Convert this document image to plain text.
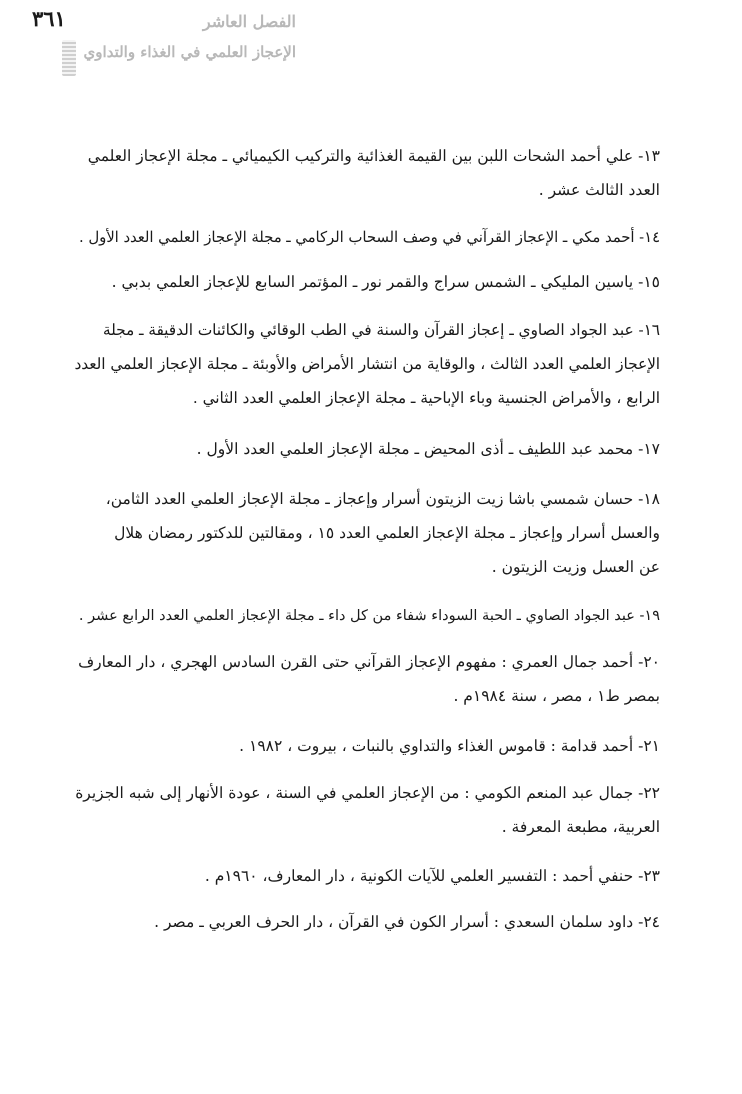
٣٦١	الفصل العاشر
الإعجاز العلمي في الغذاء والتداوي

١٣- علي أحمد الشحات اللبن بين القيمة الغذائية والتركيب الكيميائي ـ مجلة الإعجاز العلمي
العدد الثالث عشر .

١٤- أحمد مكي ـ الإعجاز القرآني في وصف السحاب الركامي ـ مجلة الإعجاز العلمي العدد الأول .

١٥- ياسين المليكي ـ الشمس سراج والقمر نور ـ المؤتمر السابع للإعجاز العلمي بدبي .

١٦- عبد الجواد الصاوي ـ إعجاز القرآن والسنة في الطب الوقائي والكائنات الدقيقة ـ مجلة
الإعجاز العلمي العدد الثالث ، والوقاية من انتشار الأمراض والأوبئة ـ مجلة الإعجاز العلمي العدد
الرابع ، والأمراض الجنسية وباء الإباحية ـ مجلة الإعجاز العلمي العدد الثاني .

١٧- محمد عبد اللطيف ـ أذى المحيض ـ مجلة الإعجاز العلمي العدد الأول .

١٨- حسان شمسي باشا زيت الزيتون أسرار وإعجاز ـ مجلة الإعجاز العلمي العدد الثامن،
والعسل أسرار وإعجاز ـ مجلة الإعجاز العلمي العدد ١٥ ، ومقالتين للدكتور رمضان هلال
عن العسل وزيت الزيتون .

١٩- عبد الجواد الصاوي ـ الحبة السوداء شفاء من كل داء ـ مجلة الإعجاز العلمي العدد الرابع عشر .

٢٠- أحمد جمال العمري : مفهوم الإعجاز القرآني حتى القرن السادس الهجري ، دار المعارف
بمصر ط١ ، مصر ، سنة ١٩٨٤م .

٢١- أحمد قدامة : قاموس الغذاء والتداوي بالنبات ، بيروت ، ١٩٨٢ .

٢٢- جمال عبد المنعم الكومي : من الإعجاز العلمي في السنة ، عودة الأنهار إلى شبه الجزيرة
العربية، مطبعة المعرفة .

٢٣- حنفي أحمد : التفسير العلمي للآيات الكونية ، دار المعارف، ١٩٦٠م .

٢٤- داود سلمان السعدي : أسرار الكون في القرآن ، دار الحرف العربي ـ مصر .
